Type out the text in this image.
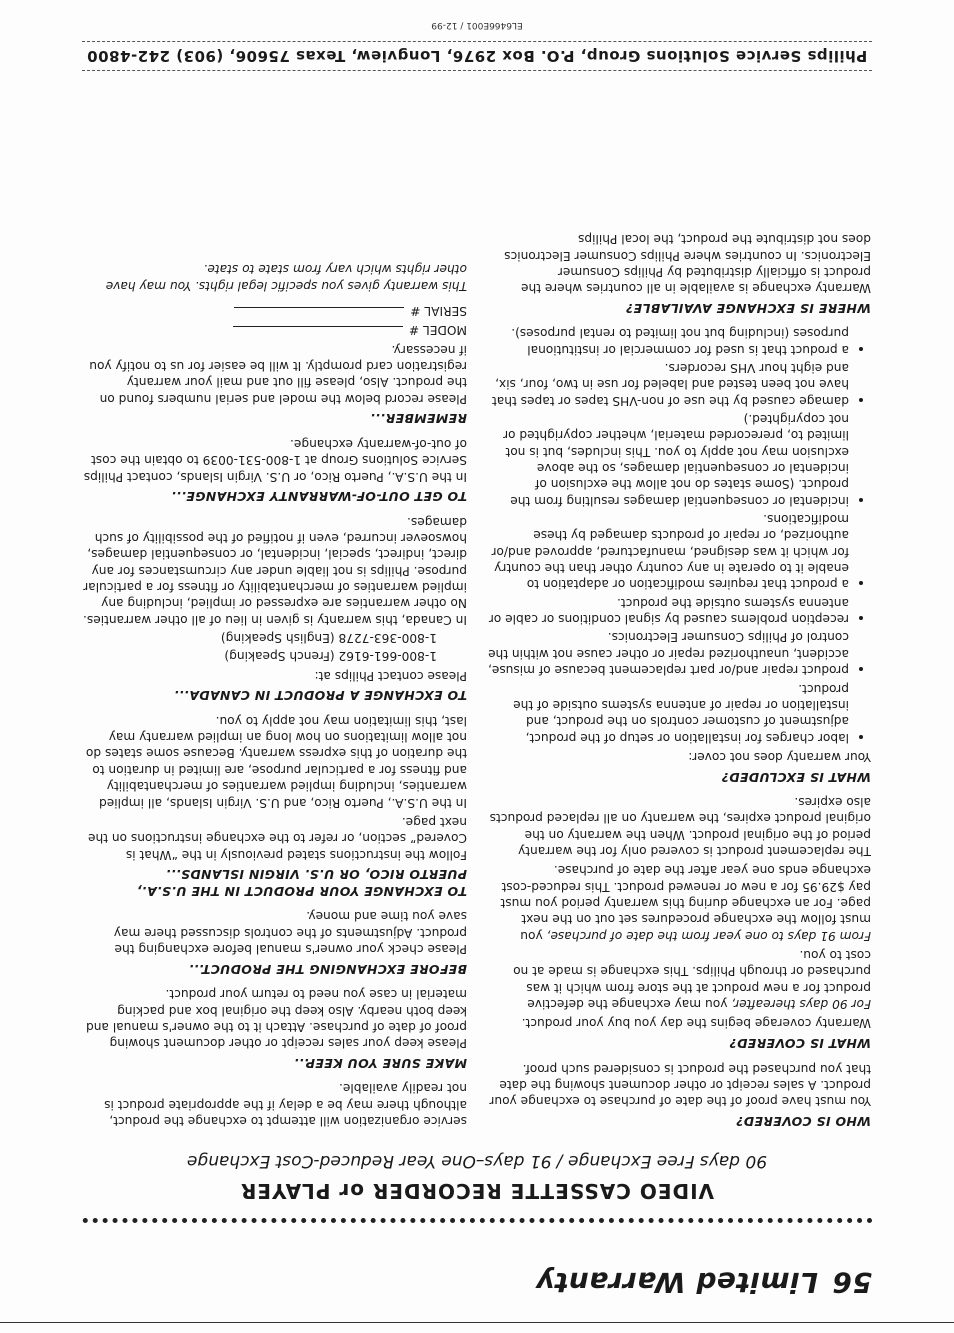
56Limited Warranty
VIDEO CASSETTE RECORDER or PLAYER
90 days Free Exchange / 91 days–One Year Reduced-Cost Exchange
WHO IS COVERED?
You must have proof of the date of purchase to exchange your product. A sales receipt or other document showing the date that you purchased the product is considered such proof.
WHAT IS COVERED?
Warranty coverage begins the day you buy your product.
For 90 days thereafter, you may exchange the defective product for a new product at the store from which it was purchased or through Philips. This exchange is made at no cost to you.
From 91 days to one year from the date of purchase, you must follow the exchange procedures set out on the next page. For an exchange during this warranty period you must pay $29.95 for a new or renewed product. This reduced-cost exchange ends one year after the date of purchase.
The replacement product is covered only for the warranty period of the original product. When the warranty on the original product expires, the warranty on all replaced products also expires.
WHAT IS EXCLUDED?
Your warranty does not cover:
• labor charges for installation or setup of the product, adjustment of customer controls on the product, and installation or repair of antenna systems outside of the product.
• product repair and/or part replacement because of misuse, accident, unauthorized repair or other cause not within the control of Philips Consumer Electronics.
• reception problems caused by signal conditions or cable or antenna systems outside the product.
• a product that requires modification or adaptation to enable it to operate in any country other than the country for which it was designed, manufactured, approved and/or authorized, or repair of products damaged by these modifications.
• incidental or consequential damages resulting from the product. (Some states do not allow the exclusion of incidental or consequential damages, so the above exclusion may not apply to you. This includes, but is not limited to, prerecorded material, whether copyrighted or not copyrighted.)
• damage caused by the use of non-VHS tapes or tapes that have not been tested and labeled for use in two, four, six, and eight hour VHS recorders.
• a product that is used for commercial or institutional purposes (including but not limited to rental purposes).
WHERE IS EXCHANGE AVAILABLE?
Warranty exchange is available in all countries where the product is officially distributed by Philips Consumer Electronics. In countries where Philips Consumer Electronics does not distribute the product, the local Philips
service organization will attempt to exchange the product, although there may be a delay if the appropriate product is not readily available.
MAKE SURE YOU KEEP...
Please keep your sales receipt or other document showing proof of date of purchase. Attach it to the owner's manual and keep both nearby. Also keep the original box and packing material in case you need to return your product.
BEFORE EXCHANGING THE PRODUCT...
Please check your owner's manual before exchanging the product. Adjustments of the controls discussed there may save you time and money.
TO EXCHANGE YOUR PRODUCT IN THE U.S.A., PUERTO RICO, OR U.S. VIRGIN ISLANDS...
Follow the instructions stated previously in the “What is Covered” section, or refer to the exchange instructions on the next page.
In the U.S.A., Puerto Rico, and U.S. Virgin Islands, all implied warranties, including implied warranties of merchantability and fitness for a particular purpose, are limited in duration to the duration of this express warranty. Because some states do not allow limitations on how long an implied warranty may last, this limitation may not apply to you.
TO EXCHANGE A PRODUCT IN CANADA...
Please contact Philips at:
1-800-661-6162 (French Speaking)
1-800-363-7278 (English Speaking)
In Canada, this warranty is given in lieu of all other warranties. No other warranties are expressed or implied, including any implied warranties of merchantability or fitness for a particular purpose. Philips is not liable under any circumstances for any direct, indirect, special, incidental, or consequential damages, howsoever incurred, even if notified of the possibility of such damages.
TO GET OUT-OF-WARRANTY EXCHANGE...
In the U.S.A., Puerto Rico, or U.S. Virgin Islands, contact Philips Service Solutions Group at 1-800-531-0039 to obtain the cost of out-of-warranty exchange.
REMEMBER...
Please record below the model and serial numbers found on the product. Also, please fill out and mail your warranty registration card promptly. It will be easier for us to notify you if necessary.
MODEL #
SERIAL #
This warranty gives you specific legal rights. You may have other rights which vary from state to state.
Philips Service Solutions Group, P.O. Box 2976, Longview, Texas 75606, (903) 242-4800
EL6466E001 / 12-99
